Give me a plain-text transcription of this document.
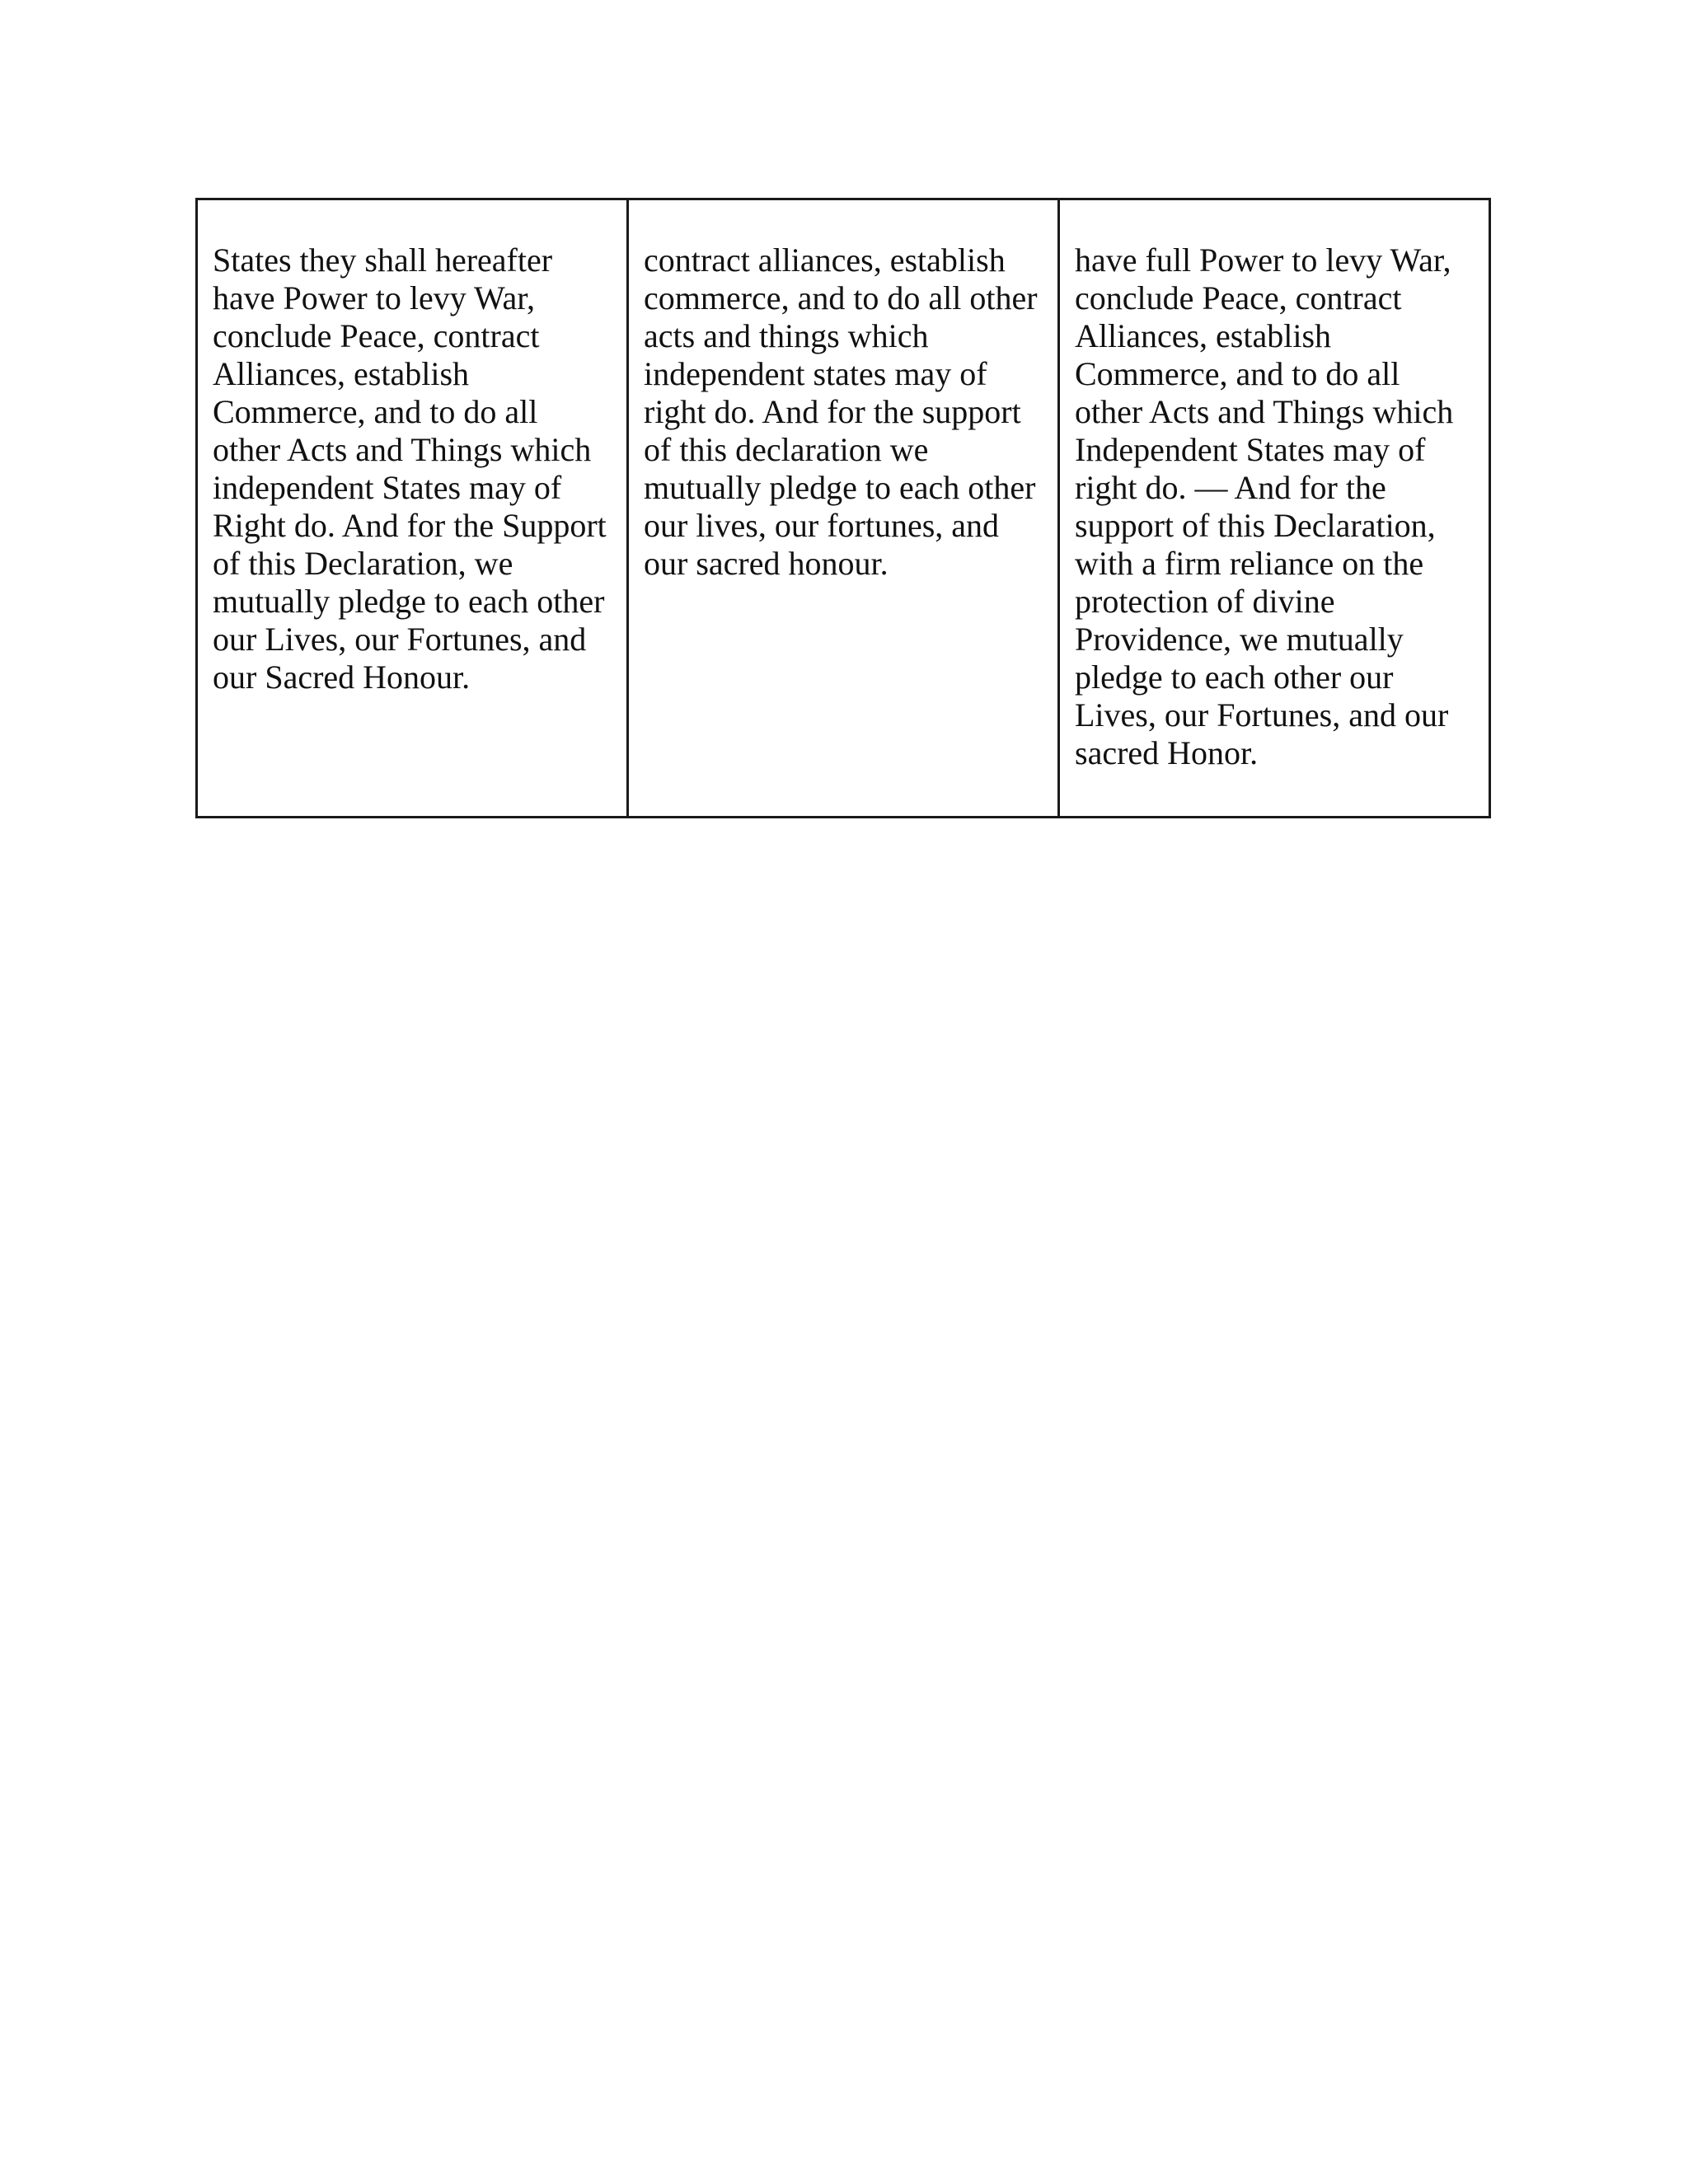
States they shall hereafter
have Power to levy War,
conclude Peace, contract
Alliances, establish
Commerce, and to do all
other Acts and Things which
independent States may of
Right do. And for the Support
of this Declaration, we
mutually pledge to each other
our Lives, our Fortunes, and
our Sacred Honour.	contract alliances, establish
commerce, and to do all other
acts and things which
independent states may of
right do. And for the support
of this declaration we
mutually pledge to each other
our lives, our fortunes, and
our sacred honour.	have full Power to levy War,
conclude Peace, contract
Alliances, establish
Commerce, and to do all
other Acts and Things which
Independent States may of
right do. — And for the
support of this Declaration,
with a firm reliance on the
protection of divine
Providence, we mutually
pledge to each other our
Lives, our Fortunes, and our
sacred Honor.
